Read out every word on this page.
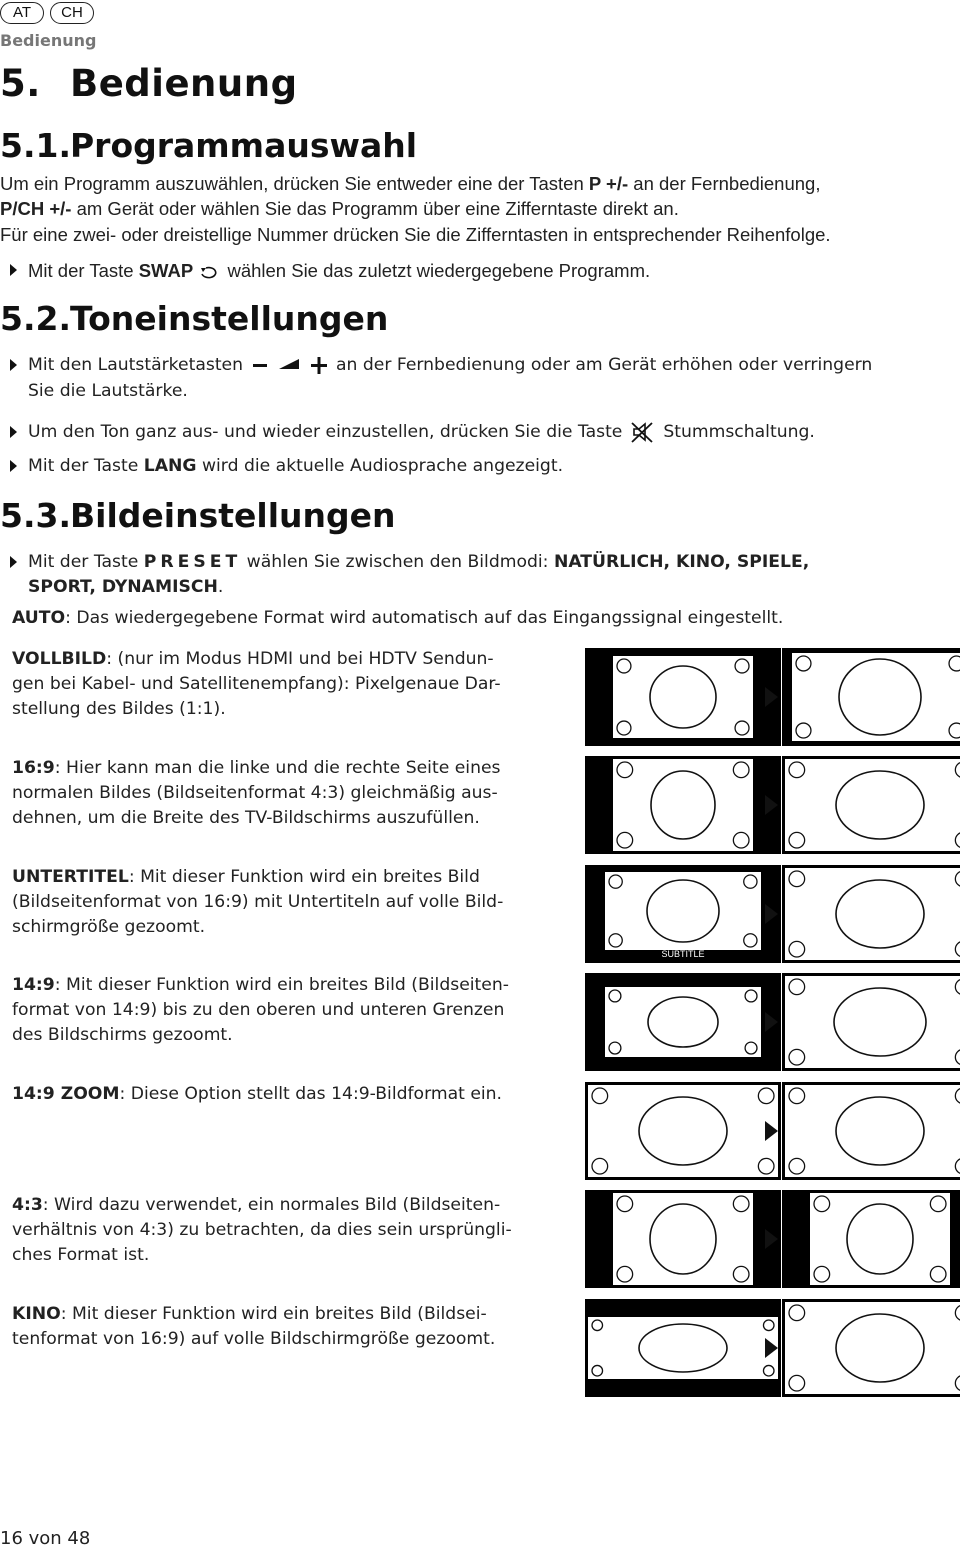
AT	CH
Bedienung
5. Bedienung
5.1.Programmauswahl
Um ein Programm auszuwählen, drücken Sie entweder eine der Tasten P +/- an der Fernbedienung,
P/CH +/- am Gerät oder wählen Sie das Programm über eine Zifferntaste direkt an.
Für eine zwei- oder dreistellige Nummer drücken Sie die Zifferntasten in entsprechender Reihenfolge.
Mit der Taste SWAP wählen Sie das zuletzt wiedergegebene Programm.
5.2.Toneinstellungen
Mit den Lautstärketasten	an der Fernbedienung oder am Gerät erhöhen oder verringern
Sie die Lautstärke.
Um den Ton ganz aus- und wieder einzustellen, drücken Sie die Taste Stummschaltung.
Mit der Taste LANG wird die aktuelle Audiosprache angezeigt.
5.3.Bildeinstellungen
Mit der Taste PRESET wählen Sie zwischen den Bildmodi: NATÜRLICH, KINO, SPIELE,
SPORT, DYNAMISCH.
AUTO: Das wiedergegebene Format wird automatisch auf das Eingangssignal eingestellt.
VOLLBILD: (nur im Modus HDMI und bei HDTV Sendun-
gen bei Kabel- und Satellitenempfang): Pixelgenaue Dar-
stellung des Bildes (1:1).
16:9: Hier kann man die linke und die rechte Seite eines
normalen Bildes (Bildseitenformat 4:3) gleichmäßig aus-
dehnen, um die Breite des TV-Bildschirms auszufüllen.
UNTERTITEL: Mit dieser Funktion wird ein breites Bild
(Bildseitenformat von 16:9) mit Untertiteln auf volle Bild-
schirmgröße gezoomt.
14:9: Mit dieser Funktion wird ein breites Bild (Bildseiten-
format von 14:9) bis zu den oberen und unteren Grenzen
des Bildschirms gezoomt.
14:9 ZOOM: Diese Option stellt das 14:9-Bildformat ein.
4:3: Wird dazu verwendet, ein normales Bild (Bildseiten-
verhältnis von 4:3) zu betrachten, da dies sein ursprüngli-
ches Format ist.
KINO: Mit dieser Funktion wird ein breites Bild (Bildsei-
tenformat von 16:9) auf volle Bildschirmgröße gezoomt.
SUBTITLE	SUBTITLE
16 von 48
